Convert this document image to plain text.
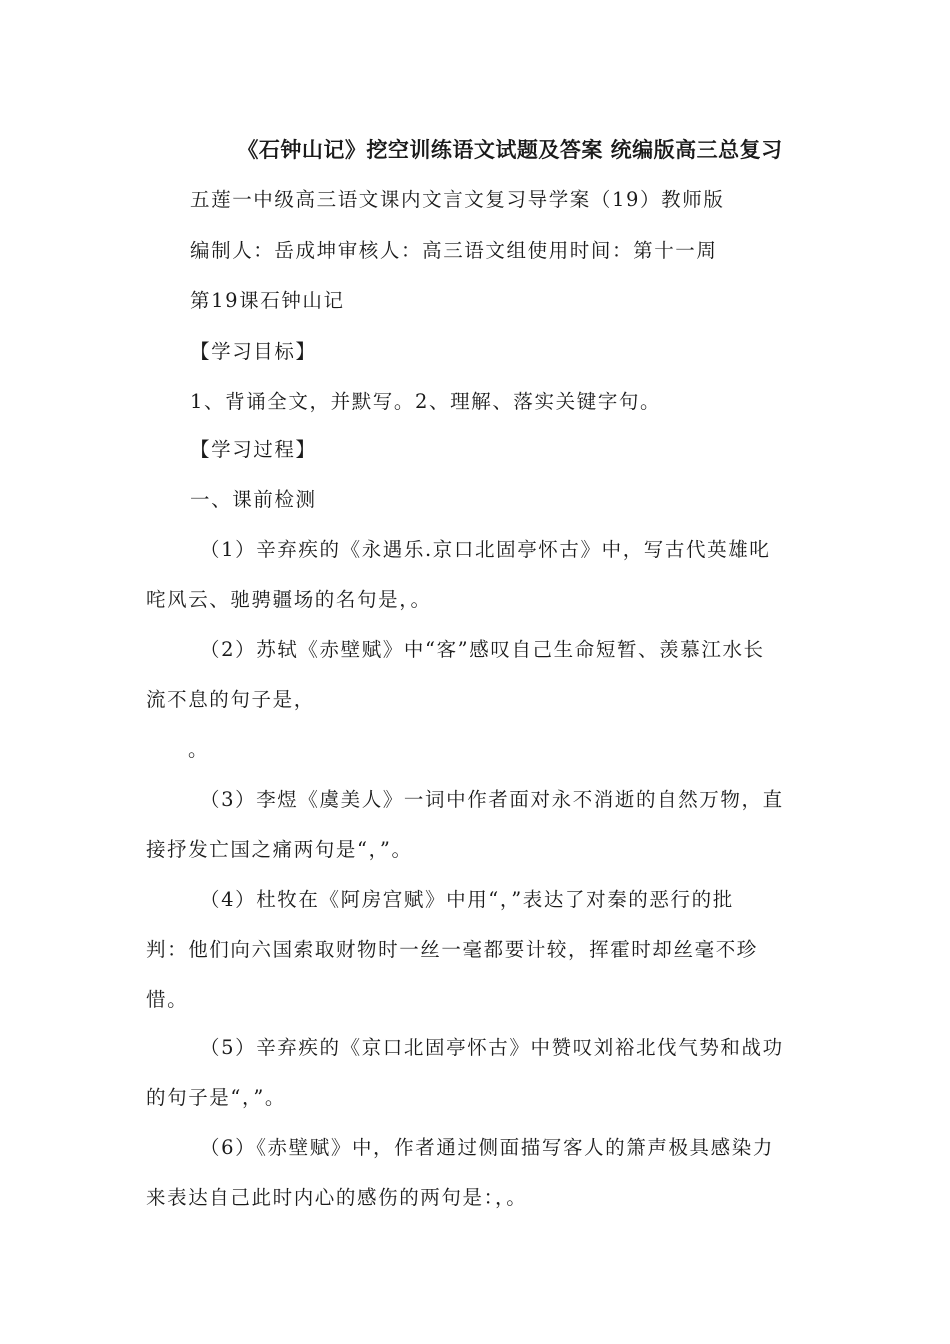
《石钟山记》挖空训练语文试题及答案 统编版高三总复习
五莲一中级高三语文课内文言文复习导学案（19）教师版
编制人：岳成坤审核人：高三语文组使用时间：第十一周
第19课石钟山记
【学习目标】
1、背诵全文，并默写。2、理解、落实关键字句。
【学习过程】
一、课前检测
（1）辛弃疾的《永遇乐.京口北固亭怀古》中，写古代英雄叱
咤风云、驰骋疆场的名句是，。
（2）苏轼《赤壁赋》中“客”感叹自己生命短暂、羡慕江水长
流不息的句子是，
。
（3）李煜《虞美人》一词中作者面对永不消逝的自然万物，直
接抒发亡国之痛两句是“，”。
（4）杜牧在《阿房宫赋》中用“，”表达了对秦的恶行的批
判：他们向六国索取财物时一丝一毫都要计较，挥霍时却丝毫不珍
惜。
（5）辛弃疾的《京口北固亭怀古》中赞叹刘裕北伐气势和战功
的句子是“，”。
（6）《赤壁赋》中，作者通过侧面描写客人的箫声极具感染力
来表达自己此时内心的感伤的两句是：，。
